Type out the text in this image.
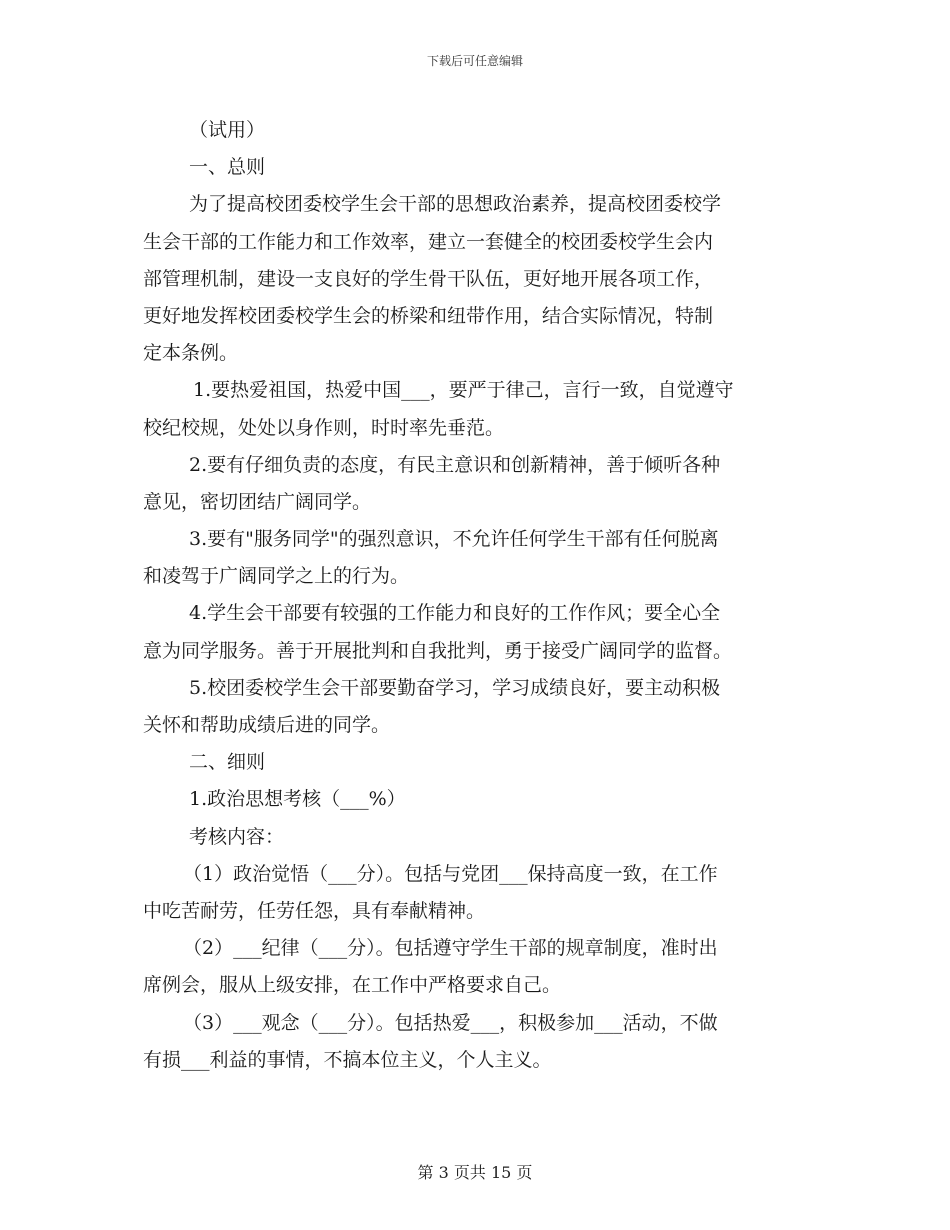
下载后可任意编辑
（试用）
一、总则
为了提高校团委校学生会干部的思想政治素养，提高校团委校学
生会干部的工作能力和工作效率，建立一套健全的校团委校学生会内
部管理机制，建设一支良好的学生骨干队伍，更好地开展各项工作，
更好地发挥校团委校学生会的桥梁和纽带作用，结合实际情况，特制
定本条例。
1.要热爱祖国，热爱中国___，要严于律己，言行一致，自觉遵守
校纪校规，处处以身作则，时时率先垂范。
2.要有仔细负责的态度，有民主意识和创新精神，善于倾听各种
意见，密切团结广阔同学。
3.要有"服务同学"的强烈意识，不允许任何学生干部有任何脱离
和凌驾于广阔同学之上的行为。
4.学生会干部要有较强的工作能力和良好的工作作风；要全心全
意为同学服务。善于开展批判和自我批判，勇于接受广阔同学的监督。
5.校团委校学生会干部要勤奋学习，学习成绩良好，要主动积极
关怀和帮助成绩后进的同学。
二、细则
1.政治思想考核（___%）
考核内容：
（1）政治觉悟（___分）。包括与党团___保持高度一致，在工作
中吃苦耐劳，任劳任怨，具有奉献精神。
（2）___纪律（___分）。包括遵守学生干部的规章制度，准时出
席例会，服从上级安排，在工作中严格要求自己。
（3）___观念（___分）。包括热爱___，积极参加___活动，不做
有损___利益的事情，不搞本位主义，个人主义。
第 3 页共 15 页
